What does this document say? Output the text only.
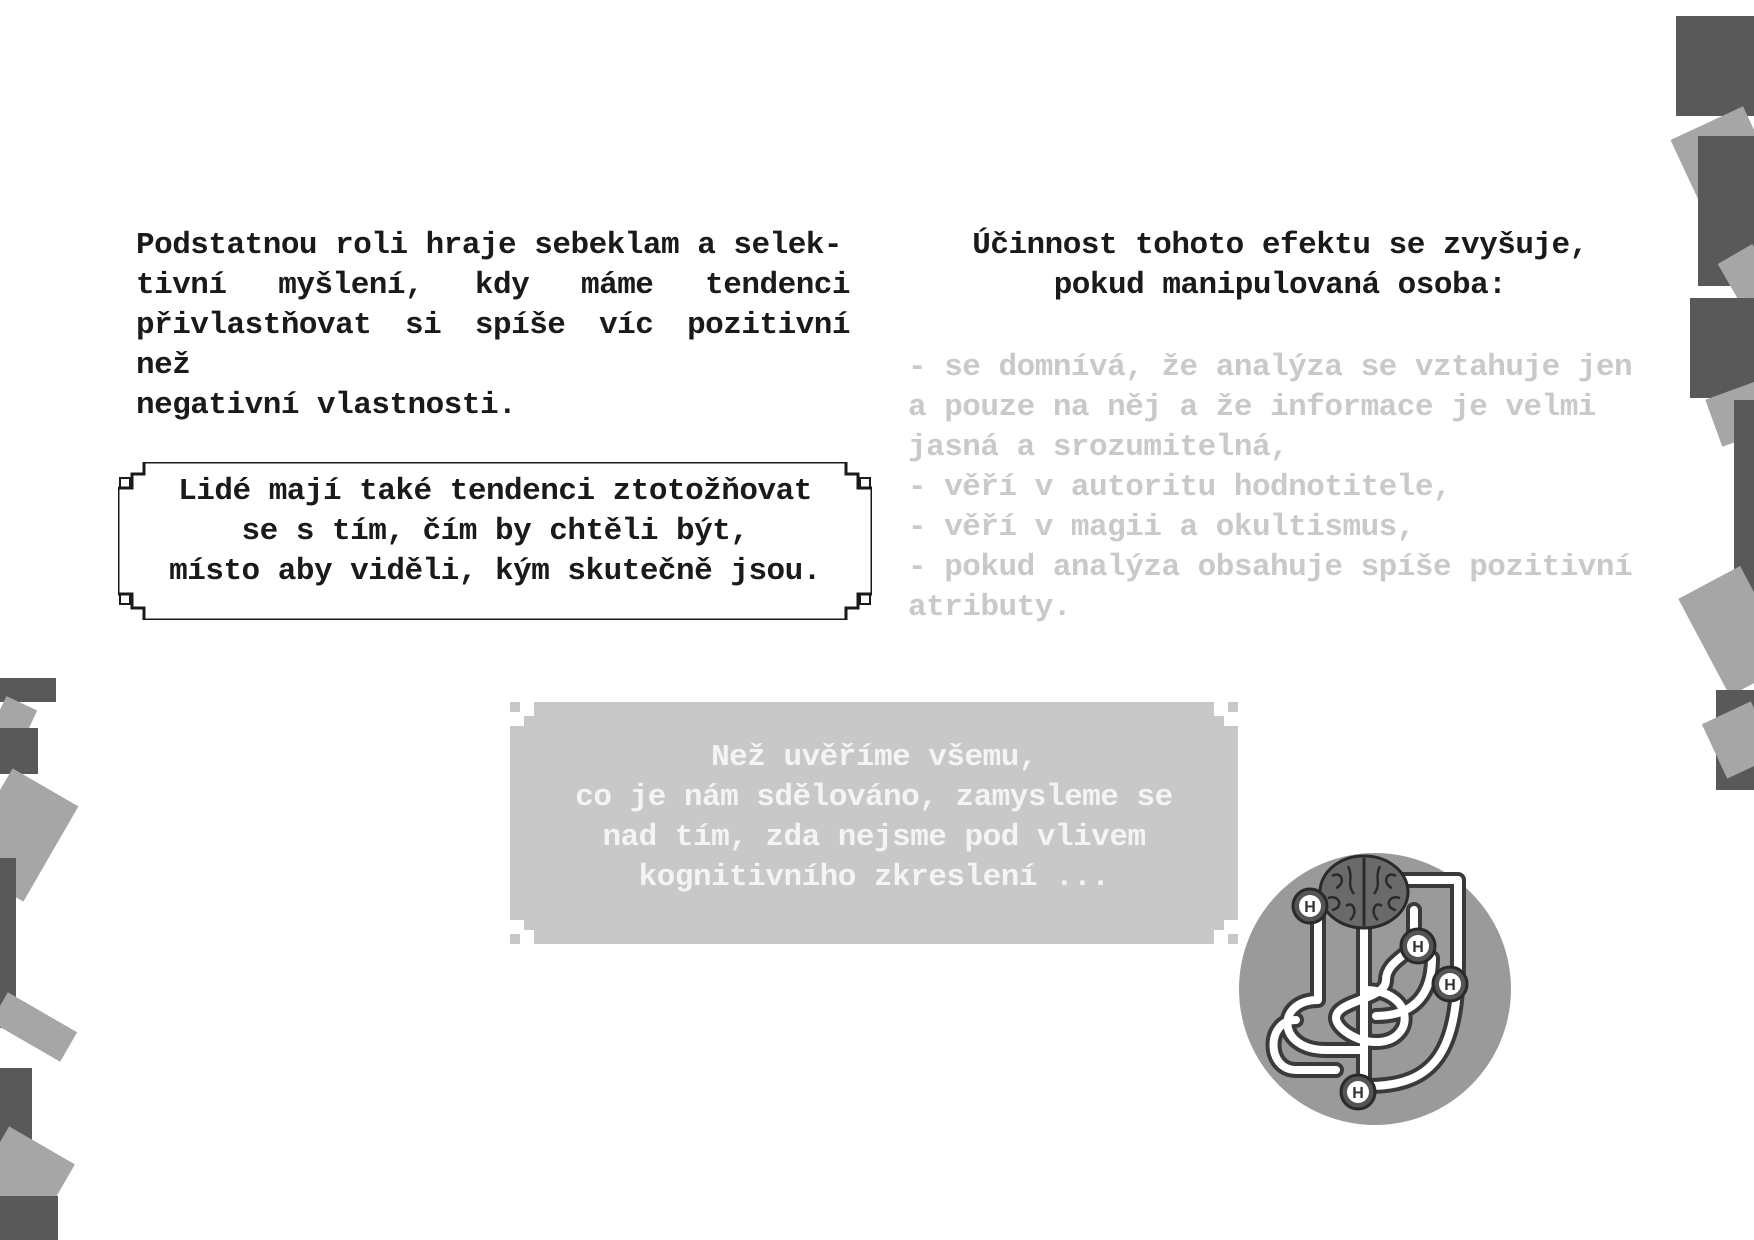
Podstatnou roli hraje sebeklam a selek-
tivní myšlení, kdy máme tendenci
přivlastňovat si spíše víc pozitivní než
negativní vlastnosti.
Lidé mají také tendenci ztotožňovat
se s tím, čím by chtěli být,
místo aby viděli, kým skutečně jsou.
Účinnost tohoto efektu se zvyšuje,
pokud manipulovaná osoba:
- se domnívá, že analýza se vztahuje jen
a pouze na něj a že informace je velmi
jasná a srozumitelná,
- věří v autoritu hodnotitele,
- věří v magii a okultismus,
- pokud analýza obsahuje spíše pozitivní
atributy.
Než uvěříme všemu,
co je nám sdělováno, zamysleme se
nad tím, zda nejsme pod vlivem
kognitivního zkreslení ...
H
H
H
H
